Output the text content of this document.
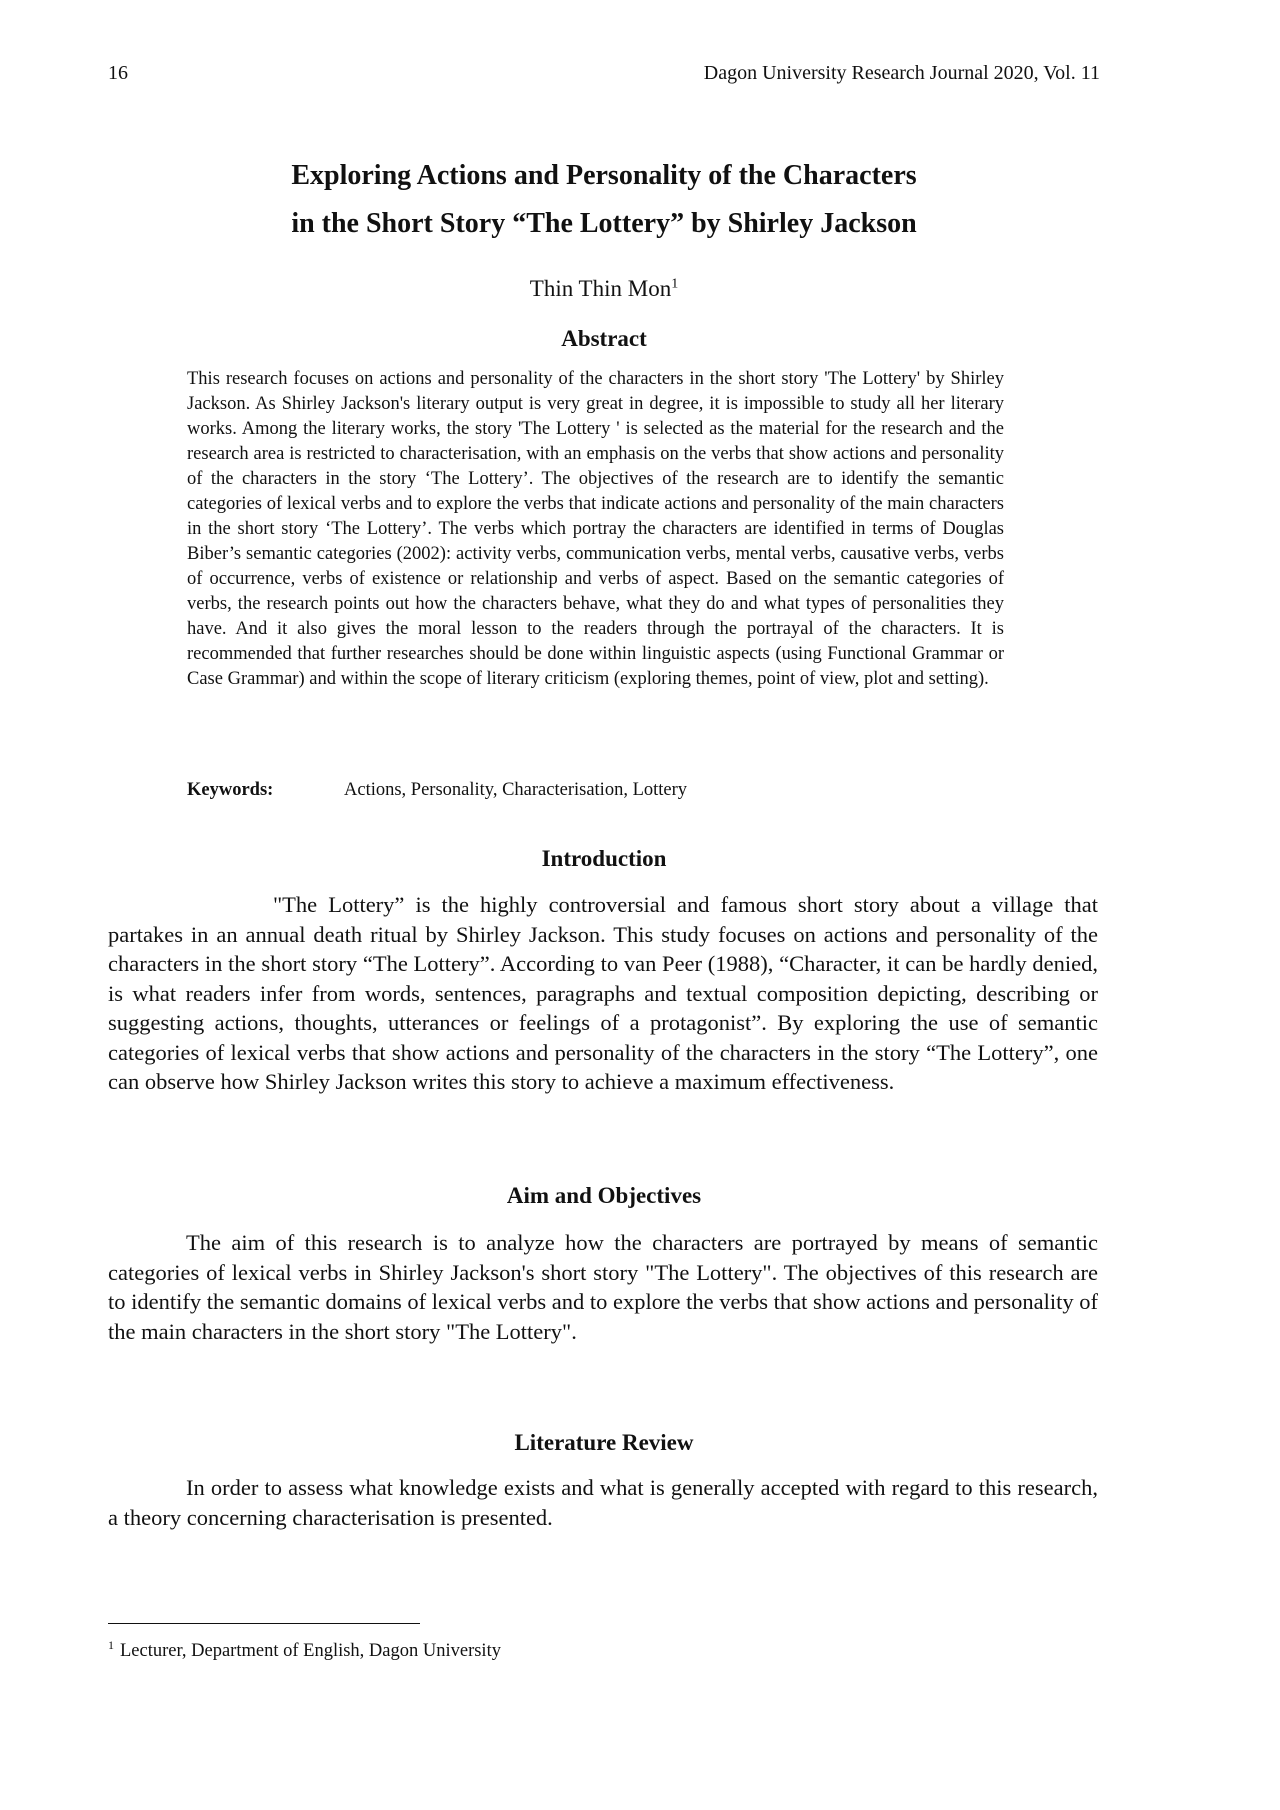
16	Dagon University Research Journal 2020, Vol. 11

Exploring Actions and Personality of the Characters

in the Short Story “The Lottery” by Shirley Jackson

Thin Thin Mon$^1$
Abstract

This research focuses on actions and personality of the characters in the short story 'The Lottery' by Shirley Jackson. As Shirley Jackson's literary output is very great in degree, it is impossible to study all her literary works. Among the literary works, the story 'The Lottery ' is selected as the material for the research and the research area is restricted to characterisation, with an emphasis on the verbs that show actions and personality of the characters in the story ‘The Lottery’. The objectives of the research are to identify the semantic categories of lexical verbs and to explore the verbs that indicate actions and personality of the main characters in the short story ‘The Lottery’. The verbs which portray the characters are identified in terms of Douglas Biber’s semantic categories (2002): activity verbs, communication verbs, mental verbs, causative verbs, verbs of occurrence, verbs of existence or relationship and verbs of aspect. Based on the semantic categories of verbs, the research points out how the characters behave, what they do and what types of personalities they have. And it also gives the moral lesson to the readers through the portrayal of the characters. It is recommended that further researches should be done within linguistic aspects (using Functional Grammar or Case Grammar) and within the scope of literary criticism (exploring themes, point of view, plot and setting).

Keywords:	Actions, Personality, Characterisation, Lottery
Introduction

"The Lottery” is the highly controversial and famous short story about a village that partakes in an annual death ritual by Shirley Jackson. This study focuses on actions and personality of the characters in the short story “The Lottery”. According to van Peer (1988), “Character, it can be hardly denied, is what readers infer from words, sentences, paragraphs and textual composition depicting, describing or suggesting actions, thoughts, utterances or feelings of a protagonist”. By exploring the use of semantic categories of lexical verbs that show actions and personality of the characters in the story “The Lottery”, one can observe how Shirley Jackson writes this story to achieve a maximum effectiveness.

Aim and Objectives

The aim of this research is to analyze how the characters are portrayed by means of semantic categories of lexical verbs in Shirley Jackson's short story "The Lottery". The objectives of this research are to identify the semantic domains of lexical verbs and to explore the verbs that show actions and personality of the main characters in the short story "The Lottery".

Literature Review

In order to assess what knowledge exists and what is generally accepted with regard to this research, a theory concerning characterisation is presented.

$^1$ Lecturer, Department of English, Dagon University
